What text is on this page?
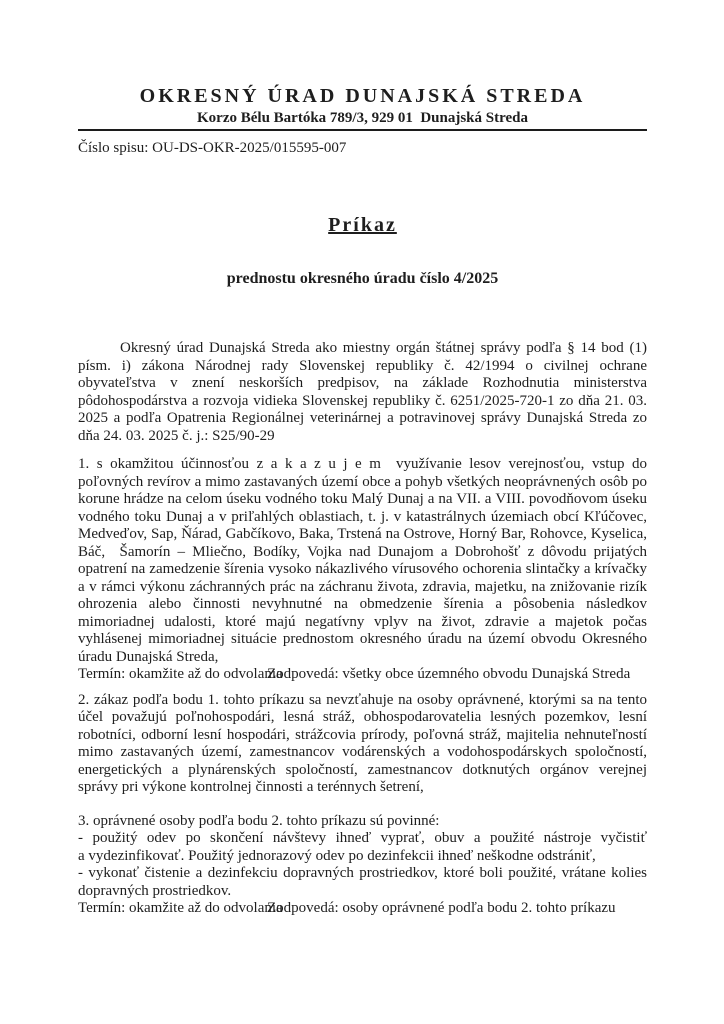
OKRESNÝ ÚRAD DUNAJSKÁ STREDA
Korzo Bélu Bartóka 789/3, 929 01  Dunajská Streda
Číslo spisu: OU-DS-OKR-2025/015595-007
Príkaz
prednostu okresného úradu číslo 4/2025

Okresný úrad Dunajská Streda ako miestny orgán štátnej správy podľa § 14 bod (1) písm. i) zákona Národnej rady Slovenskej republiky č. 42/1994 o civilnej ochrane obyvateľstva v znení neskorších predpisov, na základe Rozhodnutia ministerstva pôdohospodárstva a rozvoja vidieka Slovenskej republiky č. 6251/2025-720-1 zo dňa 21. 03. 2025 a podľa Opatrenia Regionálnej veterinárnej a potravinovej správy Dunajská Streda zo dňa 24. 03. 2025 č. j.: S25/90-29

1. s okamžitou účinnosťou z a k a z u j e m  využívanie lesov verejnosťou, vstup do poľovných revírov a mimo zastavaných území obce a pohyb všetkých neoprávnených osôb po korune hrádze na celom úseku vodného toku Malý Dunaj a na VII. a VIII. povodňovom úseku vodného toku Dunaj a v priľahlých oblastiach, t. j. v katastrálnych územiach obcí Kľúčovec, Medveďov, Sap, Ňárad, Gabčíkovo, Baka, Trstená na Ostrove, Horný Bar, Rohovce, Kyselica, Báč,  Šamorín – Mliečno, Bodíky, Vojka nad Dunajom a Dobrohošť z dôvodu prijatých opatrení na zamedzenie šírenia vysoko nákazlivého vírusového ochorenia slintačky a krívačky a v rámci výkonu záchranných prác na záchranu života, zdravia, majetku, na znižovanie rizík ohrozenia alebo činnosti nevyhnutné na obmedzenie šírenia a pôsobenia následkov mimoriadnej udalosti, ktoré majú negatívny vplyv na život, zdravie a majetok počas vyhlásenej mimoriadnej situácie prednostom okresného úradu na území obvodu Okresného úradu Dunajská Streda,

Termín: okamžite až do odvolaniaZodpovedá: všetky obce územného obvodu Dunajská Streda

2. zákaz podľa bodu 1. tohto príkazu sa nevzťahuje na osoby oprávnené, ktorými sa na tento účel považujú poľnohospodári, lesná stráž, obhospodarovatelia lesných pozemkov, lesní robotníci, odborní lesní hospodári, strážcovia prírody, poľovná stráž, majitelia nehnuteľností mimo zastavaných území, zamestnancov vodárenských a vodohospodárskych spoločností, energetických a plynárenských spoločností, zamestnancov dotknutých orgánov verejnej správy pri výkone kontrolnej činnosti a terénnych šetrení,

3. oprávnené osoby podľa bodu 2. tohto príkazu sú povinné:

- použitý odev po skončení návštevy ihneď vyprať, obuv a použité nástroje vyčistiť a vydezinfikovať. Použitý jednorazový odev po dezinfekcii ihneď neškodne odstrániť,

- vykonať čistenie a dezinfekciu dopravných prostriedkov, ktoré boli použité, vrátane kolies dopravných prostriedkov.

Termín: okamžite až do odvolaniaZodpovedá: osoby oprávnené podľa bodu 2. tohto príkazu
